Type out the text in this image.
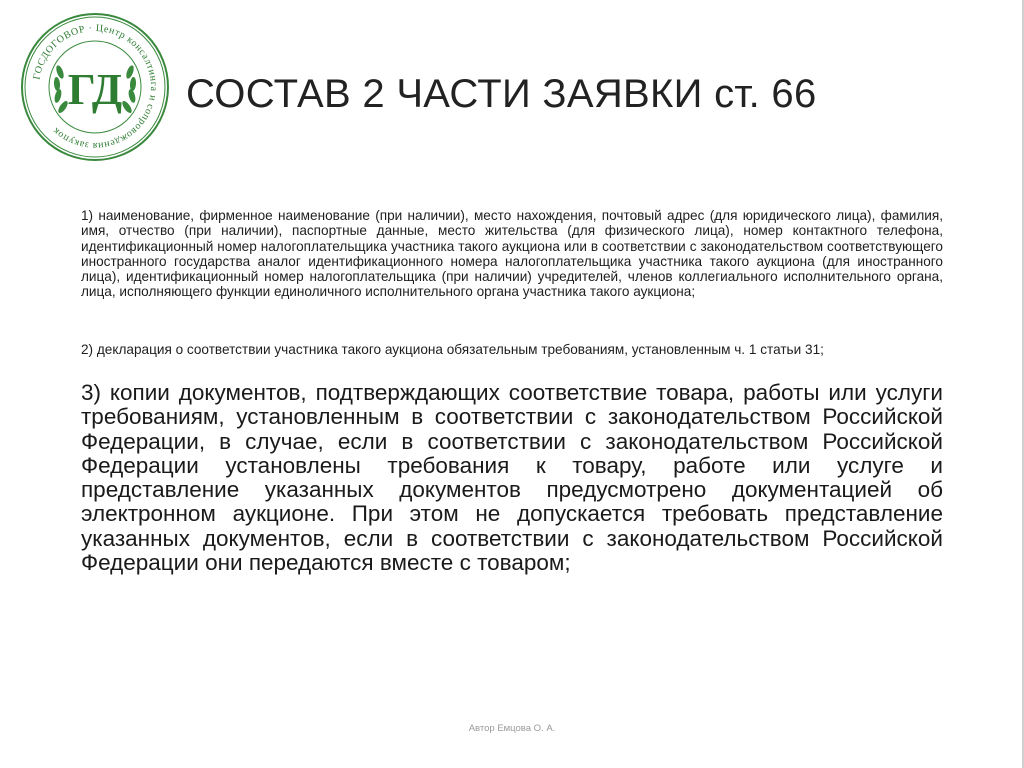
ГОСДОГОВОР · Центр консалтинга и сопровождения закупок
ГД СОСТАВ 2 ЧАСТИ ЗАЯВКИ ст. 66
1) наименование, фирменное наименование (при наличии), место нахождения, почтовый адрес (для юридического лица), фамилия, имя, отчество (при наличии), паспортные данные, место жительства (для физического лица), номер контактного телефона, идентификационный номер налогоплательщика участника такого аукциона или в соответствии с законодательством соответствующего иностранного государства аналог идентификационного номера налогоплательщика участника такого аукциона (для иностранного лица), идентификационный номер налогоплательщика (при наличии) учредителей, членов коллегиального исполнительного органа, лица, исполняющего функции единоличного исполнительного органа участника такого аукциона;
2) декларация о соответствии участника такого аукциона обязательным требованиям, установленным ч. 1 статьи 31;
3) копии документов, подтверждающих соответствие товара, работы или услуги требованиям, установленным в соответствии с законодательством Российской Федерации, в случае, если в соответствии с законодательством Российской Федерации установлены требования к товару, работе или услуге и представление указанных документов предусмотрено документацией об электронном аукционе. При этом не допускается требовать представление указанных документов, если в соответствии с законодательством Российской Федерации они передаются вместе с товаром;
Автор Емцова О. А.
